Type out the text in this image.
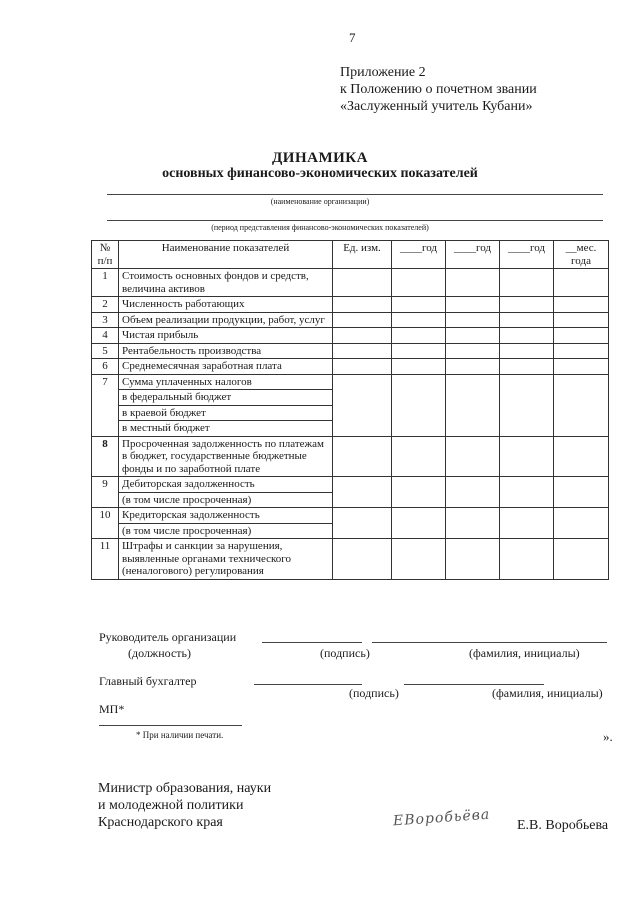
7
Приложение 2
к Положению о почетном звании
«Заслуженный учитель Кубани»
ДИНАМИКА
основных финансово-экономических показателей
(наименование организации)
(период представления финансово-экономических показателей)
№ п/п	Наименование показателей	Ед. изм.	____год	____год	____год	__мес. года
1	Стоимость основных фондов и средств, величина активов					
2	Численность работающих					
3	Объем реализации продукции, работ, услуг					
4	Чистая прибыль					
5	Рентабельность производства					
6	Среднемесячная заработная плата					
7	Сумма уплаченных налогов					
	в федеральный бюджет					
	в краевой бюджет					
	в местный бюджет					
8	Просроченная задолженность по платежам в бюджет, государственные бюджетные фонды и по заработной плате					
9	Дебиторская задолженность					
	(в том числе просроченная)					
10	Кредиторская задолженность					
	(в том числе просроченная)					
11	Штрафы и санкции за нарушения, выявленные органами технического (неналогового) регулирования					
Руководитель организации
(должность)	(подпись)	(фамилия, инициалы)
Главный бухгалтер
(подпись)	(фамилия, инициалы)
МП*
* При наличии печати.	».
Министр образования, науки
и молодежной политики
Краснодарского края	ЕВоробьёва Е.В. Воробьева
